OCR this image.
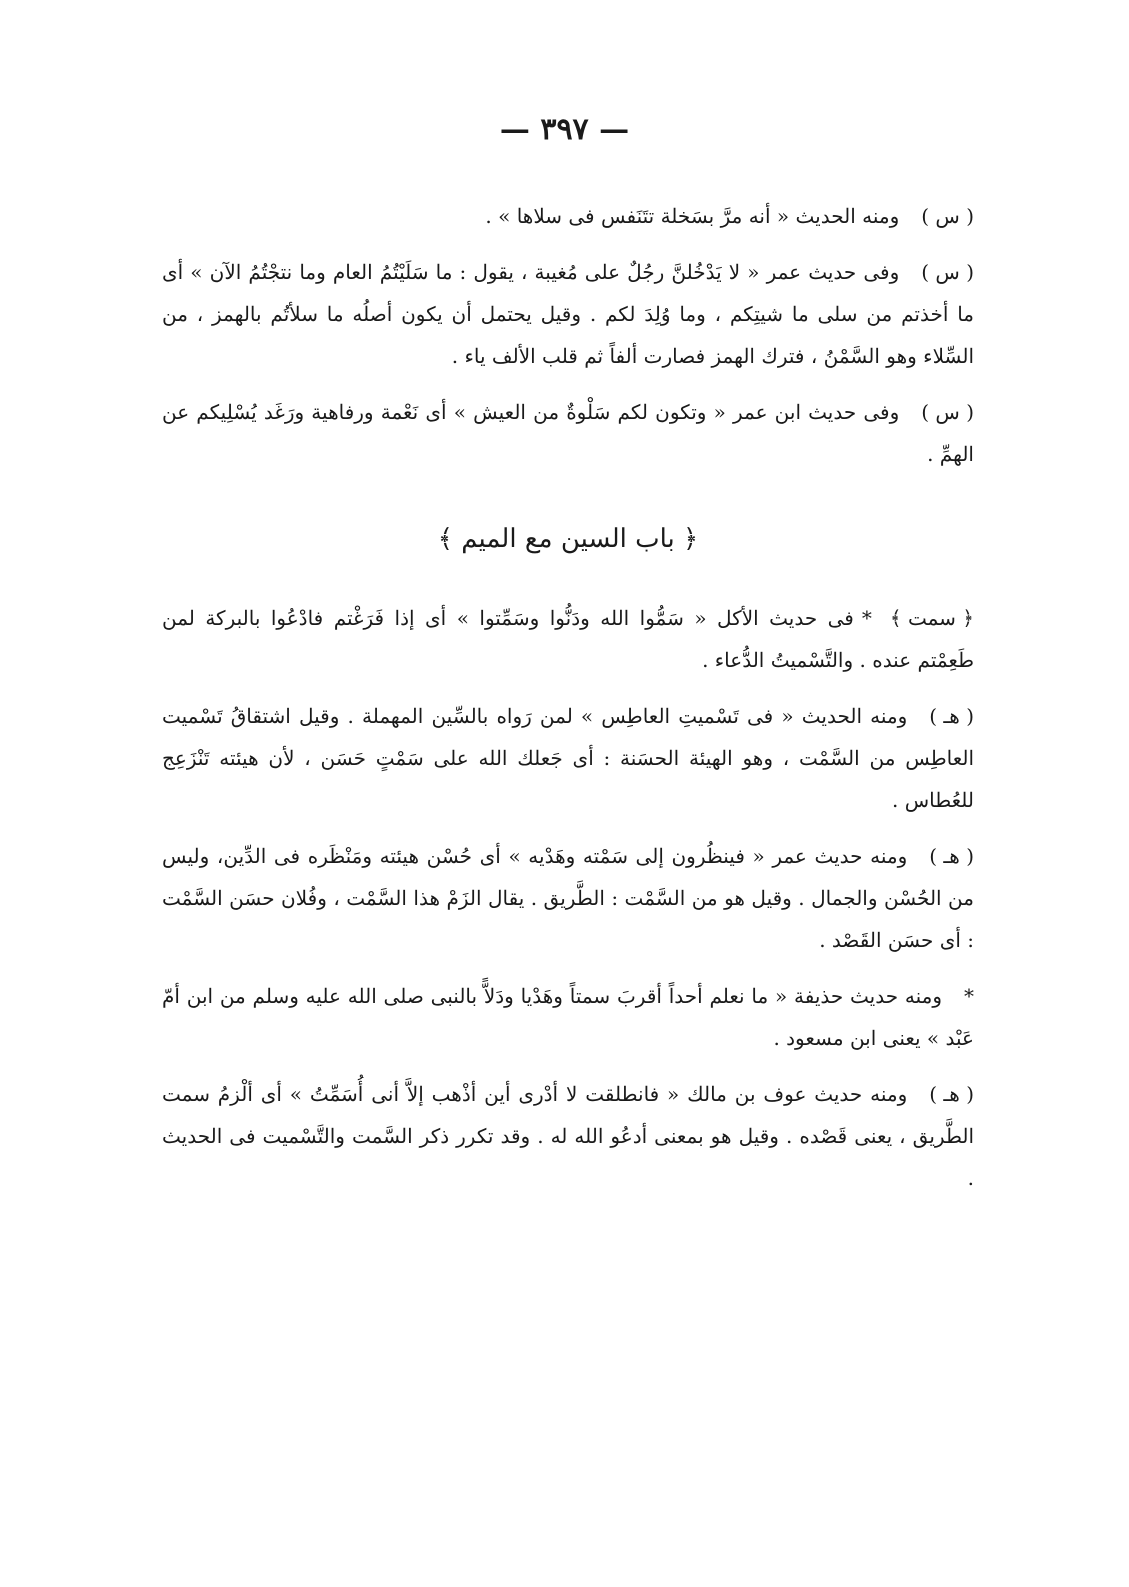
— ٣٩٧ —

( س )ومنه الحديث « أنه مرَّ بسَخلة تتَنَفس فى سلاها » .

( س )وفى حديث عمر « لا يَدْخُلنَّ رجُلٌ على مُغيبة ، يقول : ما سَلَيْتُمُ العام وما نتجْتُمُ الآن » أى ما أخذتم من سلى ما شيتِكم ، وما وُلِدَ لكم . وقيل يحتمل أن يكون أصلُه ما سلأتُم بالهمز ، من السِّلاء وهو السَّمْنُ ، فترك الهمز فصارت ألفاً ثم قلب الألف ياء .

( س )وفى حديث ابن عمر « وتكون لكم سَلْوةٌ من العيش » أى نَعْمة ورفاهية ورَغَد يُسْلِيكم عن الهمِّ .

﴿ باب السين مع الميم ﴾

﴿ سمت ﴾*فى حديث الأكل « سَمُّوا الله ودَنُّوا وسَمِّتوا » أى إذا فَرَغْتم فادْعُوا بالبركة لمن طَعِمْتم عنده . والتَّسْميتُ الدُّعاء .

( هـ )ومنه الحديث « فى تَسْميتِ العاطِس » لمن رَواه بالسِّين المهملة . وقيل اشتقاقُ تَسْميت العاطِس من السَّمْت ، وهو الهيئة الحسَنة : أى جَعلك الله على سَمْتٍ حَسَن ، لأن هيئته تَنْزَعِج للعُطاس .

( هـ )ومنه حديث عمر « فينظُرون إلى سَمْته وهَدْيه » أى حُسْن هيئته ومَنْظَره فى الدِّين، وليس من الحُسْن والجمال . وقيل هو من السَّمْت : الطَّريق . يقال الزَمْ هذا السَّمْت ، وفُلان حسَن السَّمْت : أى حسَن القَصْد .

*ومنه حديث حذيفة « ما نعلم أحداً أقربَ سمتاً وهَدْيا ودَلاًّ بالنبى صلى الله عليه وسلم من ابن أمّ عَبْد » يعنى ابن مسعود .

( هـ )ومنه حديث عوف بن مالك « فانطلقت لا أدْرى أين أذْهب إلاَّ أنى أُسَمِّتُ » أى ألْزمُ سمت الطَّريق ، يعنى قَصْده . وقيل هو بمعنى أدعُو الله له . وقد تكرر ذكر السَّمت والتَّسْميت فى الحديث .
